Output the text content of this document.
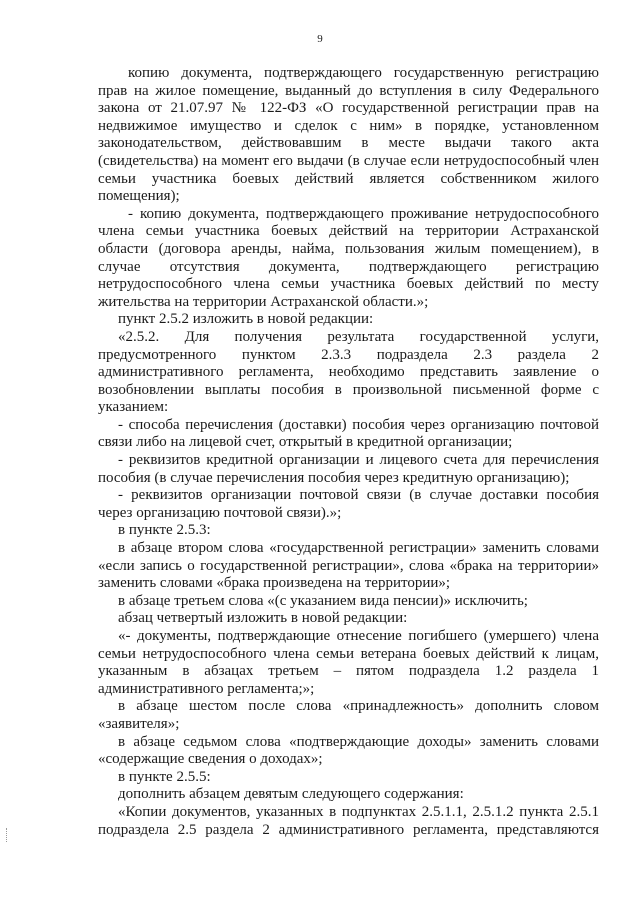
9
копию документа, подтверждающего государственную регистрацию
прав на жилое помещение, выданный до вступления в силу Федерального
закона от 21.07.97 № 122-ФЗ «О государственной регистрации прав на
недвижимое имущество и сделок с ним» в порядке, установленном
законодательством, действовавшим в месте выдачи такого акта
(свидетельства) на момент его выдачи (в случае если нетрудоспособный член
семьи участника боевых действий является собственником жилого
помещения);
- копию документа, подтверждающего проживание нетрудоспособного
члена семьи участника боевых действий на территории Астраханской
области (договора аренды, найма, пользования жилым помещением), в
случае отсутствия документа, подтверждающего регистрацию
нетрудоспособного члена семьи участника боевых действий по месту
жительства на территории Астраханской области.»;
пункт 2.5.2 изложить в новой редакции:
«2.5.2. Для получения результата государственной услуги,
предусмотренного пунктом 2.3.3 подраздела 2.3 раздела 2
административного регламента, необходимо представить заявление о
возобновлении выплаты пособия в произвольной письменной форме с
указанием:
- способа перечисления (доставки) пособия через организацию почтовой
связи либо на лицевой счет, открытый в кредитной организации;
- реквизитов кредитной организации и лицевого счета для перечисления
пособия (в случае перечисления пособия через кредитную организацию);
- реквизитов организации почтовой связи (в случае доставки пособия
через организацию почтовой связи).»;
в пункте 2.5.3:
в абзаце втором слова «государственной регистрации» заменить словами
«если запись о государственной регистрации», слова «брака на территории»
заменить словами «брака произведена на территории»;
в абзаце третьем слова «(с указанием вида пенсии)» исключить;
абзац четвертый изложить в новой редакции:
«- документы, подтверждающие отнесение погибшего (умершего) члена
семьи нетрудоспособного члена семьи ветерана боевых действий к лицам,
указанным в абзацах третьем – пятом подраздела 1.2 раздела 1
административного регламента;»;
в абзаце шестом после слова «принадлежность» дополнить словом
«заявителя»;
в абзаце седьмом слова «подтверждающие доходы» заменить словами
«содержащие сведения о доходах»;
в пункте 2.5.5:
дополнить абзацем девятым следующего содержания:
«Копии документов, указанных в подпунктах 2.5.1.1, 2.5.1.2 пункта 2.5.1
подраздела 2.5 раздела 2 административного регламента, представляются
